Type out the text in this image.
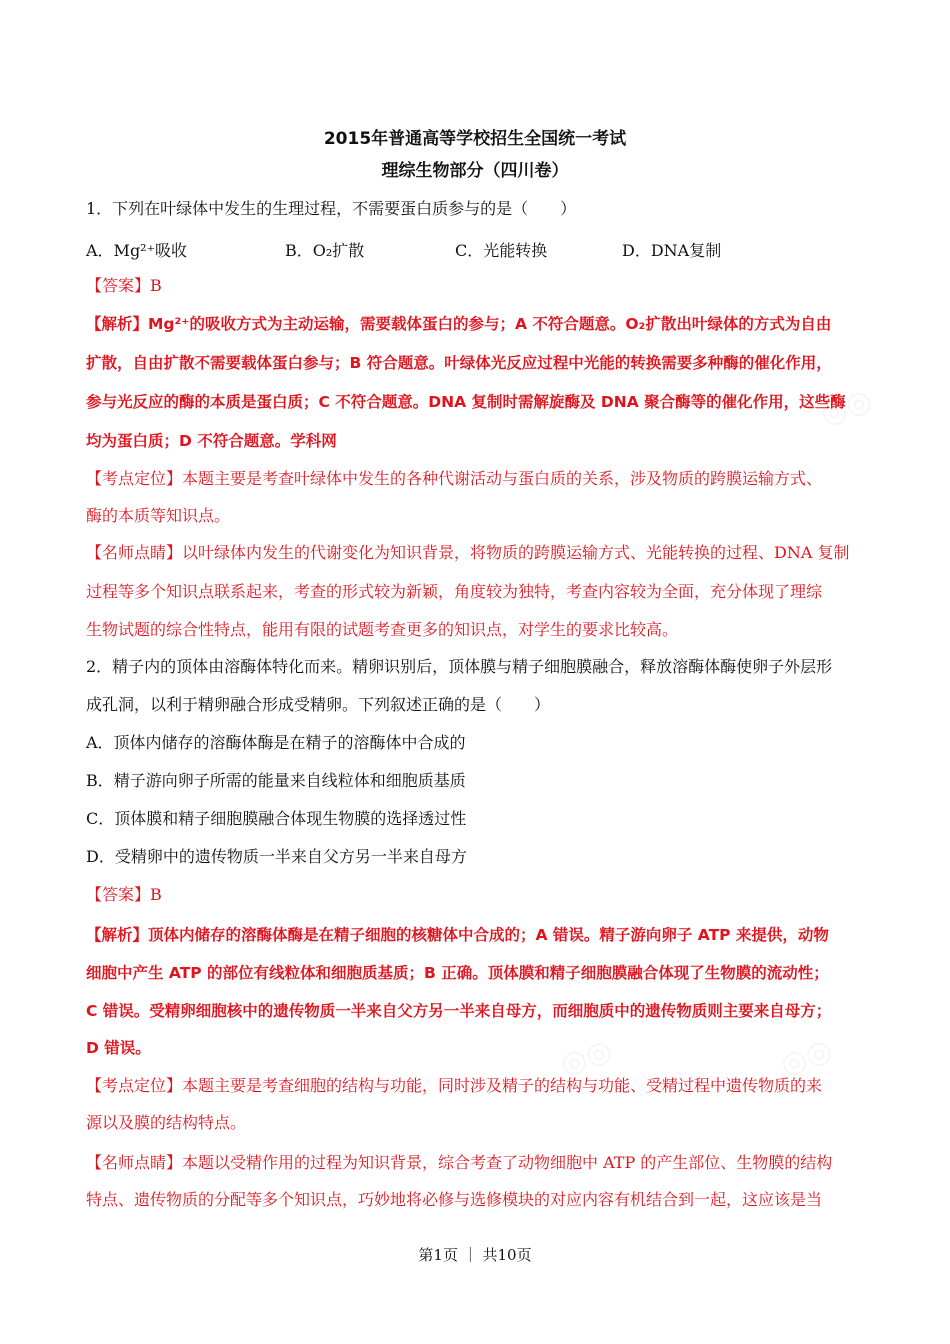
◎◎
◎◎	◎◎
2015年普通高等学校招生全国统一考试
理综生物部分（四川卷）
1．下列在叶绿体中发生的生理过程，不需要蛋白质参与的是（　　）
A．Mg²⁺吸收	B．O₂扩散	C．光能转换	D．DNA复制
【答案】B
【解析】Mg²⁺的吸收方式为主动运输，需要载体蛋白的参与；A 不符合题意。O₂扩散出叶绿体的方式为自由
扩散，自由扩散不需要载体蛋白参与；B 符合题意。叶绿体光反应过程中光能的转换需要多种酶的催化作用，
参与光反应的酶的本质是蛋白质；C 不符合题意。DNA 复制时需解旋酶及 DNA 聚合酶等的催化作用，这些酶
均为蛋白质；D 不符合题意。学科网
【考点定位】本题主要是考查叶绿体中发生的各种代谢活动与蛋白质的关系，涉及物质的跨膜运输方式、
酶的本质等知识点。
【名师点睛】以叶绿体内发生的代谢变化为知识背景，将物质的跨膜运输方式、光能转换的过程、DNA 复制
过程等多个知识点联系起来，考查的形式较为新颖，角度较为独特，考查内容较为全面，充分体现了理综
生物试题的综合性特点，能用有限的试题考查更多的知识点，对学生的要求比较高。
2．精子内的顶体由溶酶体特化而来。精卵识别后，顶体膜与精子细胞膜融合，释放溶酶体酶使卵子外层形
成孔洞，以利于精卵融合形成受精卵。下列叙述正确的是（　　）
A．顶体内储存的溶酶体酶是在精子的溶酶体中合成的
B．精子游向卵子所需的能量来自线粒体和细胞质基质
C．顶体膜和精子细胞膜融合体现生物膜的选择透过性
D．受精卵中的遗传物质一半来自父方另一半来自母方
【答案】B
【解析】顶体内储存的溶酶体酶是在精子细胞的核糖体中合成的；A 错误。精子游向卵子 ATP 来提供，动物
细胞中产生 ATP 的部位有线粒体和细胞质基质；B 正确。顶体膜和精子细胞膜融合体现了生物膜的流动性；
C 错误。受精卵细胞核中的遗传物质一半来自父方另一半来自母方，而细胞质中的遗传物质则主要来自母方；
D 错误。
【考点定位】本题主要是考查细胞的结构与功能，同时涉及精子的结构与功能、受精过程中遗传物质的来
源以及膜的结构特点。
【名师点睛】本题以受精作用的过程为知识背景，综合考查了动物细胞中 ATP 的产生部位、生物膜的结构
特点、遗传物质的分配等多个知识点，巧妙地将必修与选修模块的对应内容有机结合到一起，这应该是当
第1页 ｜ 共10页
